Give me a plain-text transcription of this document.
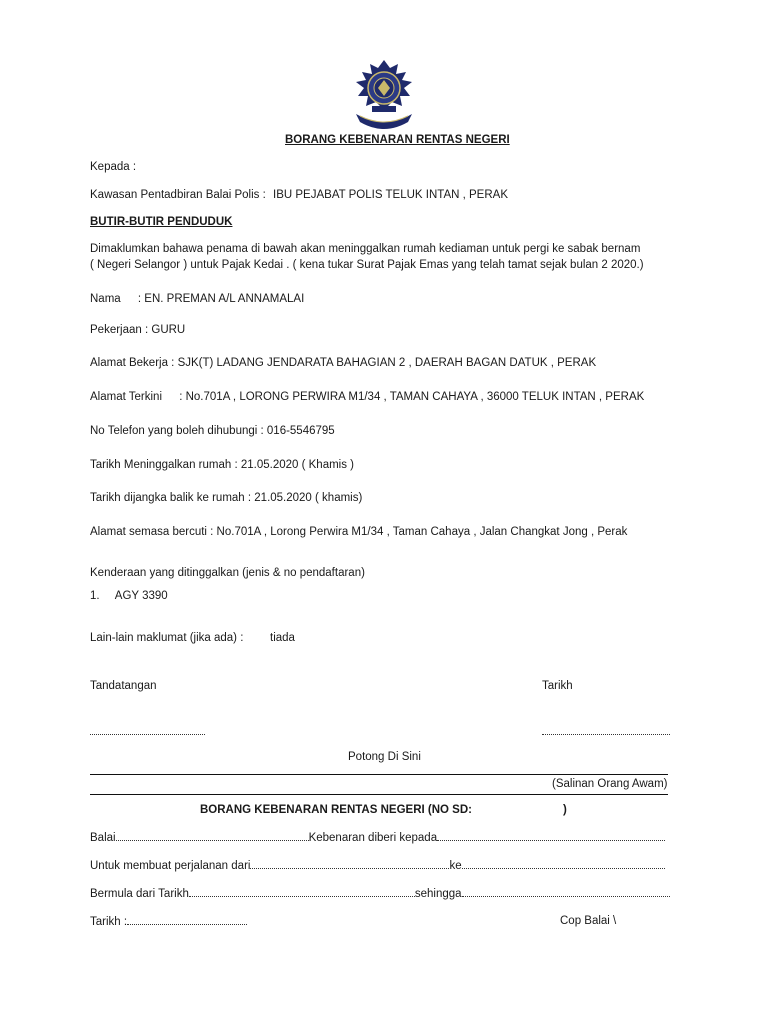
BORANG KEBENARAN RENTAS NEGERI
Kepada :
Kawasan Pentadbiran Balai Polis : IBU PEJABAT POLIS TELUK INTAN , PERAK
BUTIR-BUTIR PENDUDUK
Dimaklumkan bahawa penama di bawah akan meninggalkan rumah kediaman untuk pergi ke sabak bernam
( Negeri Selangor ) untuk Pajak Kedai . ( kena tukar Surat Pajak Emas yang telah tamat sejak bulan 2 2020.)
Nama : EN. PREMAN A/L ANNAMALAI
Pekerjaan : GURU
Alamat Bekerja : SJK(T) LADANG JENDARATA BAHAGIAN 2 , DAERAH BAGAN DATUK , PERAK
Alamat Terkini : No.701A , LORONG PERWIRA M1/34 , TAMAN CAHAYA , 36000 TELUK INTAN , PERAK
No Telefon yang boleh dihubungi : 016-5546795
Tarikh Meninggalkan rumah : 21.05.2020 ( Khamis )
Tarikh dijangka balik ke rumah : 21.05.2020 ( khamis)
Alamat semasa bercuti : No.701A , Lorong Perwira M1/34 , Taman Cahaya , Jalan Changkat Jong , Perak
Kenderaan yang ditinggalkan (jenis & no pendaftaran)
1. AGY 3390
Lain-lain maklumat (jika ada) : tiada
Tandatangan	Tarikh
Potong Di Sini
(Salinan Orang Awam)
BORANG KEBENARAN RENTAS NEGERI (NO SD:	)
Balai	Kebenaran diberi kepada
Untuk membuat perjalanan dari	ke
Bermula dari Tarikh	sehingga
Tarikh :	Cop Balai \
